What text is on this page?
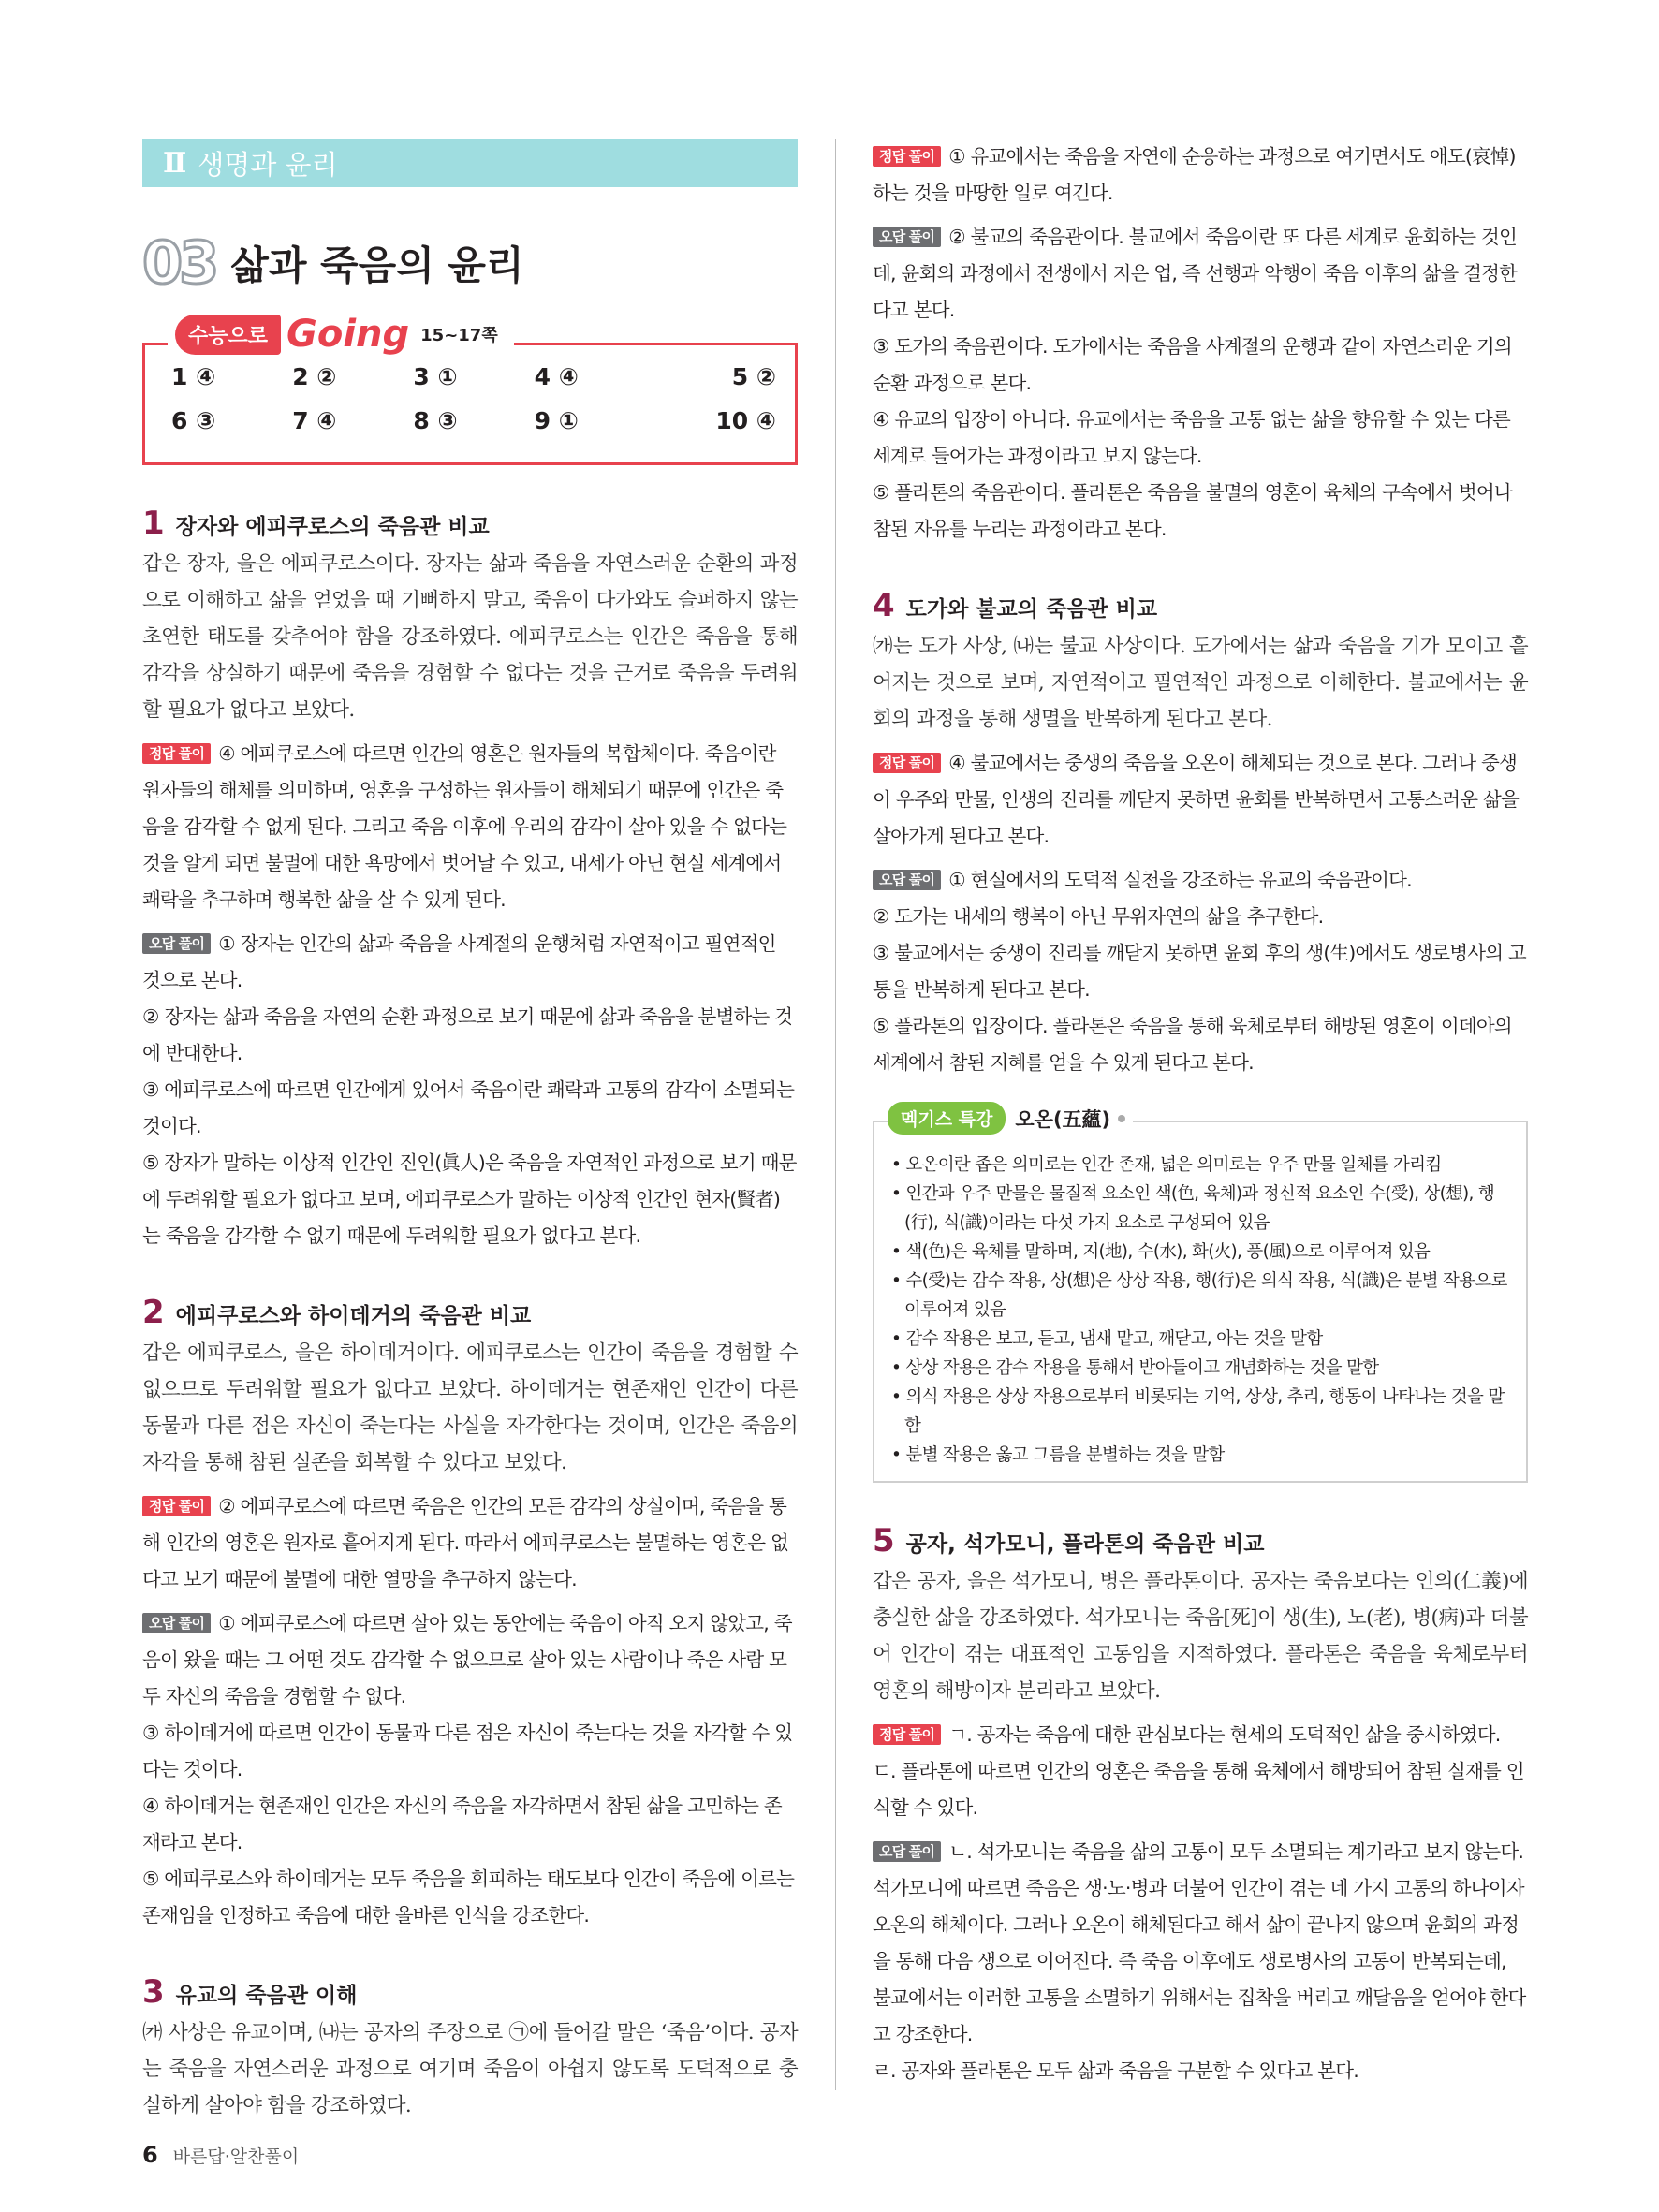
Ⅱ 생명과 윤리
03 삶과 죽음의 윤리
수능으로 Going 15~17쪽
1 ④	2 ②	3 ①	4 ④	5 ②
6 ③	7 ④	8 ③	9 ①	10 ④
1 장자와 에피쿠로스의 죽음관 비교

갑은 장자, 을은 에피쿠로스이다. 장자는 삶과 죽음을 자연스러운 순환의 과정으로 이해하고 삶을 얻었을 때 기뻐하지 말고, 죽음이 다가와도 슬퍼하지 않는 초연한 태도를 갖추어야 함을 강조하였다. 에피쿠로스는 인간은 죽음을 통해 감각을 상실하기 때문에 죽음을 경험할 수 없다는 것을 근거로 죽음을 두려워할 필요가 없다고 보았다.

정답 풀이 ④ 에피쿠로스에 따르면 인간의 영혼은 원자들의 복합체이다. 죽음이란 원자들의 해체를 의미하며, 영혼을 구성하는 원자들이 해체되기 때문에 인간은 죽음을 감각할 수 없게 된다. 그리고 죽음 이후에 우리의 감각이 살아 있을 수 없다는 것을 알게 되면 불멸에 대한 욕망에서 벗어날 수 있고, 내세가 아닌 현실 세계에서 쾌락을 추구하며 행복한 삶을 살 수 있게 된다.

오답 풀이 ① 장자는 인간의 삶과 죽음을 사계절의 운행처럼 자연적이고 필연적인 것으로 본다.

② 장자는 삶과 죽음을 자연의 순환 과정으로 보기 때문에 삶과 죽음을 분별하는 것에 반대한다.

③ 에피쿠로스에 따르면 인간에게 있어서 죽음이란 쾌락과 고통의 감각이 소멸되는 것이다.

⑤ 장자가 말하는 이상적 인간인 진인(眞人)은 죽음을 자연적인 과정으로 보기 때문에 두려워할 필요가 없다고 보며, 에피쿠로스가 말하는 이상적 인간인 현자(賢者)는 죽음을 감각할 수 없기 때문에 두려워할 필요가 없다고 본다.

2 에피쿠로스와 하이데거의 죽음관 비교

갑은 에피쿠로스, 을은 하이데거이다. 에피쿠로스는 인간이 죽음을 경험할 수 없으므로 두려워할 필요가 없다고 보았다. 하이데거는 현존재인 인간이 다른 동물과 다른 점은 자신이 죽는다는 사실을 자각한다는 것이며, 인간은 죽음의 자각을 통해 참된 실존을 회복할 수 있다고 보았다.

정답 풀이 ② 에피쿠로스에 따르면 죽음은 인간의 모든 감각의 상실이며, 죽음을 통해 인간의 영혼은 원자로 흩어지게 된다. 따라서 에피쿠로스는 불멸하는 영혼은 없다고 보기 때문에 불멸에 대한 열망을 추구하지 않는다.

오답 풀이 ① 에피쿠로스에 따르면 살아 있는 동안에는 죽음이 아직 오지 않았고, 죽음이 왔을 때는 그 어떤 것도 감각할 수 없으므로 살아 있는 사람이나 죽은 사람 모두 자신의 죽음을 경험할 수 없다.

③ 하이데거에 따르면 인간이 동물과 다른 점은 자신이 죽는다는 것을 자각할 수 있다는 것이다.

④ 하이데거는 현존재인 인간은 자신의 죽음을 자각하면서 참된 삶을 고민하는 존재라고 본다.

⑤ 에피쿠로스와 하이데거는 모두 죽음을 회피하는 태도보다 인간이 죽음에 이르는 존재임을 인정하고 죽음에 대한 올바른 인식을 강조한다.

3 유교의 죽음관 이해

㈎ 사상은 유교이며, ㈏는 공자의 주장으로 ㉠에 들어갈 말은 ‘죽음’이다. 공자는 죽음을 자연스러운 과정으로 여기며 죽음이 아쉽지 않도록 도덕적으로 충실하게 살아야 함을 강조하였다.

정답 풀이 ① 유교에서는 죽음을 자연에 순응하는 과정으로 여기면서도 애도(哀悼)하는 것을 마땅한 일로 여긴다.

오답 풀이 ② 불교의 죽음관이다. 불교에서 죽음이란 또 다른 세계로 윤회하는 것인데, 윤회의 과정에서 전생에서 지은 업, 즉 선행과 악행이 죽음 이후의 삶을 결정한다고 본다.

③ 도가의 죽음관이다. 도가에서는 죽음을 사계절의 운행과 같이 자연스러운 기의 순환 과정으로 본다.

④ 유교의 입장이 아니다. 유교에서는 죽음을 고통 없는 삶을 향유할 수 있는 다른 세계로 들어가는 과정이라고 보지 않는다.

⑤ 플라톤의 죽음관이다. 플라톤은 죽음을 불멸의 영혼이 육체의 구속에서 벗어나 참된 자유를 누리는 과정이라고 본다.

4 도가와 불교의 죽음관 비교

㈎는 도가 사상, ㈏는 불교 사상이다. 도가에서는 삶과 죽음을 기가 모이고 흩어지는 것으로 보며, 자연적이고 필연적인 과정으로 이해한다. 불교에서는 윤회의 과정을 통해 생멸을 반복하게 된다고 본다.

정답 풀이 ④ 불교에서는 중생의 죽음을 오온이 해체되는 것으로 본다. 그러나 중생이 우주와 만물, 인생의 진리를 깨닫지 못하면 윤회를 반복하면서 고통스러운 삶을 살아가게 된다고 본다.

오답 풀이 ① 현실에서의 도덕적 실천을 강조하는 유교의 죽음관이다.

② 도가는 내세의 행복이 아닌 무위자연의 삶을 추구한다.

③ 불교에서는 중생이 진리를 깨닫지 못하면 윤회 후의 생(生)에서도 생로병사의 고통을 반복하게 된다고 본다.

⑤ 플라톤의 입장이다. 플라톤은 죽음을 통해 육체로부터 해방된 영혼이 이데아의 세계에서 참된 지혜를 얻을 수 있게 된다고 본다.

멕기스 특강	오온(五蘊)
• 오온이란 좁은 의미로는 인간 존재, 넓은 의미로는 우주 만물 일체를 가리킴
• 인간과 우주 만물은 물질적 요소인 색(色, 육체)과 정신적 요소인 수(受), 상(想), 행(行), 식(識)이라는 다섯 가지 요소로 구성되어 있음
• 색(色)은 육체를 말하며, 지(地), 수(水), 화(火), 풍(風)으로 이루어져 있음
• 수(受)는 감수 작용, 상(想)은 상상 작용, 행(行)은 의식 작용, 식(識)은 분별 작용으로 이루어져 있음
• 감수 작용은 보고, 듣고, 냄새 맡고, 깨닫고, 아는 것을 말함
• 상상 작용은 감수 작용을 통해서 받아들이고 개념화하는 것을 말함
• 의식 작용은 상상 작용으로부터 비롯되는 기억, 상상, 추리, 행동이 나타나는 것을 말함
• 분별 작용은 옳고 그름을 분별하는 것을 말함
5 공자, 석가모니, 플라톤의 죽음관 비교

갑은 공자, 을은 석가모니, 병은 플라톤이다. 공자는 죽음보다는 인의(仁義)에 충실한 삶을 강조하였다. 석가모니는 죽음[死]이 생(生), 노(老), 병(病)과 더불어 인간이 겪는 대표적인 고통임을 지적하였다. 플라톤은 죽음을 육체로부터 영혼의 해방이자 분리라고 보았다.

정답 풀이 ㄱ. 공자는 죽음에 대한 관심보다는 현세의 도덕적인 삶을 중시하였다.

ㄷ. 플라톤에 따르면 인간의 영혼은 죽음을 통해 육체에서 해방되어 참된 실재를 인식할 수 있다.

오답 풀이 ㄴ. 석가모니는 죽음을 삶의 고통이 모두 소멸되는 계기라고 보지 않는다. 석가모니에 따르면 죽음은 생·노·병과 더불어 인간이 겪는 네 가지 고통의 하나이자 오온의 해체이다. 그러나 오온이 해체된다고 해서 삶이 끝나지 않으며 윤회의 과정을 통해 다음 생으로 이어진다. 즉 죽음 이후에도 생로병사의 고통이 반복되는데, 불교에서는 이러한 고통을 소멸하기 위해서는 집착을 버리고 깨달음을 얻어야 한다고 강조한다.

ㄹ. 공자와 플라톤은 모두 삶과 죽음을 구분할 수 있다고 본다.

6 바른답·알찬풀이
